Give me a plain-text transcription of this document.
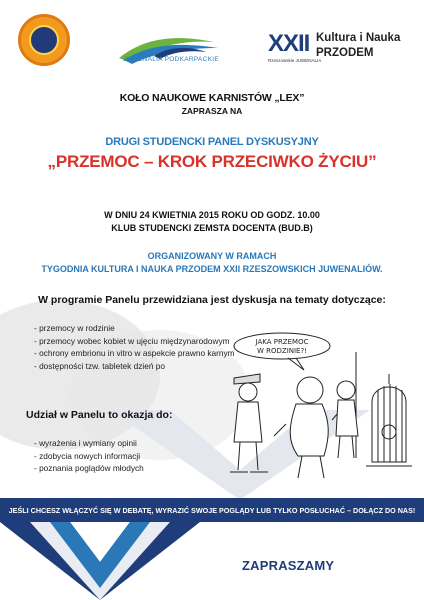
JUWENALIA PODKARPACKIE
XXII
Rzeszowskie JUWENALIA
Kultura i Nauka
PRZODEM
KOŁO NAUKOWE KARNISTÓW „LEX”
ZAPRASZA NA
DRUGI STUDENCKI PANEL DYSKUSYJNY
„PRZEMOC – KROK PRZECIWKO ŻYCIU”
W DNIU 24 KWIETNIA 2015 ROKU OD GODZ. 10.00
KLUB STUDENCKI ZEMSTA DOCENTA (BUD.B)
ORGANIZOWANY W RAMACH
TYGODNIA KULTURA I NAUKA PRZODEM XXII RZESZOWSKICH JUWENALIÓW.
W programie Panelu przewidziana jest dyskusja na tematy dotyczące:
- przemocy w rodzinie
- przemocy wobec kobiet w ujęciu międzynarodowym
- ochrony embrionu in vitro w aspekcie prawno karnym
- dostępności tzw. tabletek dzień po
JAKA PRZEMOC
W RODZINIE?!
Udział w Panelu to okazja do:
- wyrażenia i wymiany opinii
- zdobycia nowych informacji
- poznania poglądów młodych
JEŚLI CHCESZ WŁĄCZYĆ SIĘ W DEBATĘ, WYRAZIĆ SWOJE POGLĄDY LUB TYLKO POSŁUCHAĆ – DOŁĄCZ DO NAS!
ZAPRASZAMY
